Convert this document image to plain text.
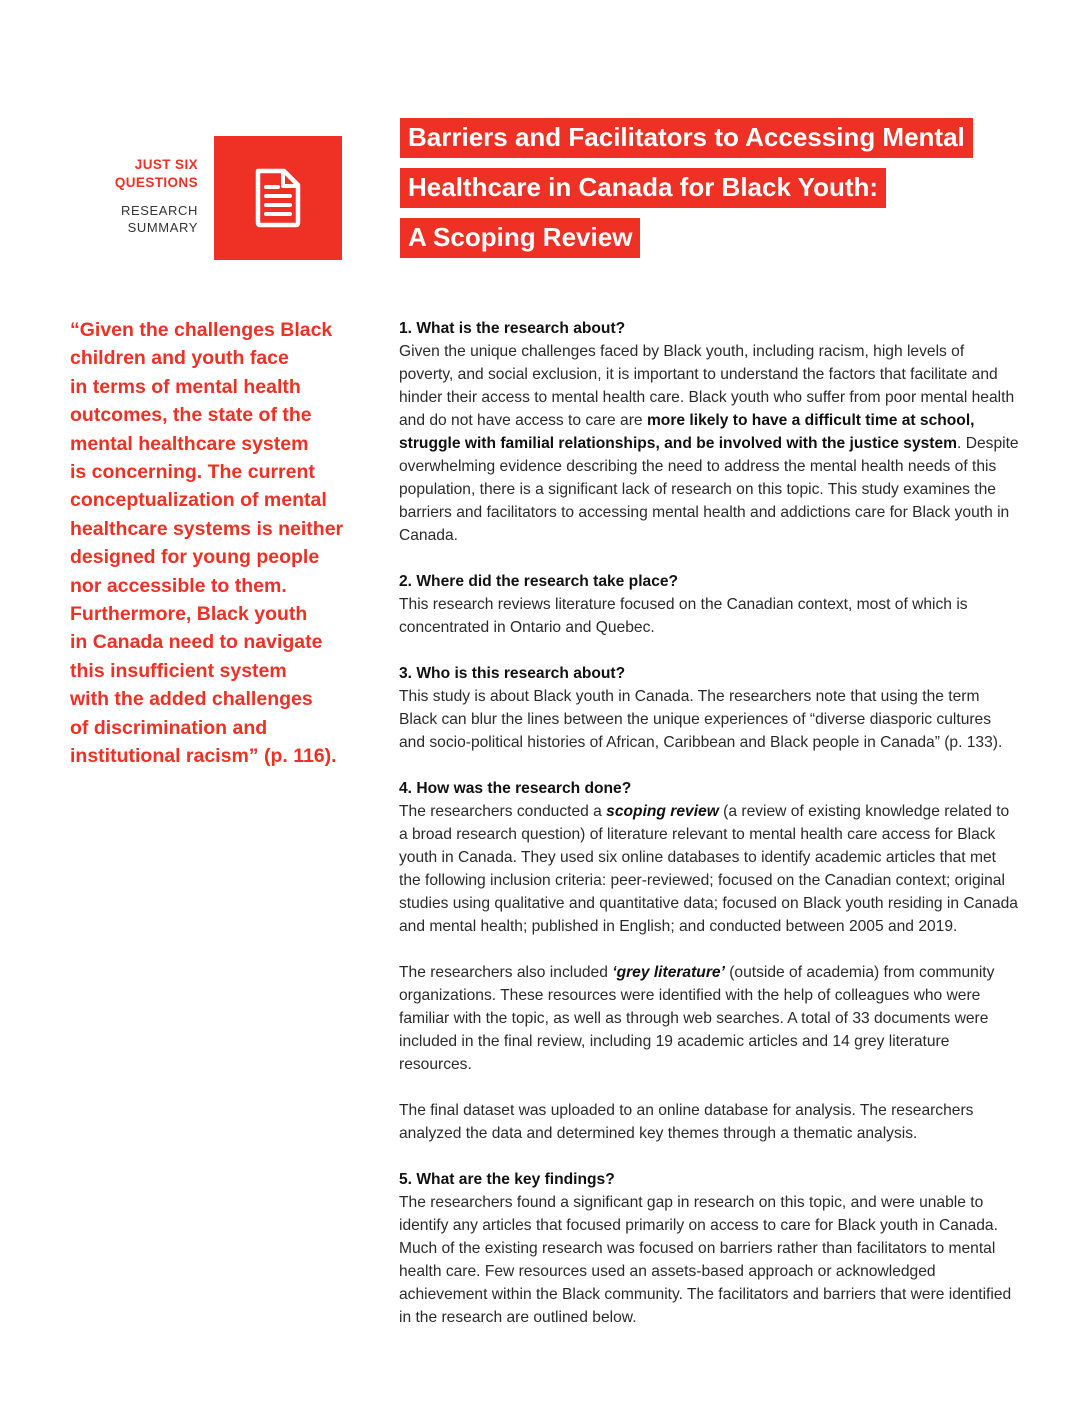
JUST SIX
QUESTIONS
RESEARCH
SUMMARY
Barriers and Facilitators to Accessing Mental
Healthcare in Canada for Black Youth:
A Scoping Review
“Given the challenges Black
children and youth face
in terms of mental health
outcomes, the state of the
mental healthcare system
is concerning. The current
conceptualization of mental
healthcare systems is neither
designed for young people
nor accessible to them.
Furthermore, Black youth
in Canada need to navigate
this insufficient system
with the added challenges
of discrimination and
institutional racism” (p. 116).
1. What is the research about?

Given the unique challenges faced by Black youth, including racism, high levels of poverty, and social exclusion, it is important to understand the factors that facilitate and hinder their access to mental health care. Black youth who suffer from poor mental health and do not have access to care are more likely to have a difficult time at school, struggle with familial relationships, and be involved with the justice system. Despite overwhelming evidence describing the need to address the mental health needs of this population, there is a significant lack of research on this topic. This study examines the barriers and facilitators to accessing mental health and addictions care for Black youth in Canada.

2. Where did the research take place?

This research reviews literature focused on the Canadian context, most of which is concentrated in Ontario and Quebec.

3. Who is this research about?

This study is about Black youth in Canada. The researchers note that using the term Black can blur the lines between the unique experiences of “diverse diasporic cultures and socio-political histories of African, Caribbean and Black people in Canada” (p. 133).

4. How was the research done?

The researchers conducted a scoping review (a review of existing knowledge related to a broad research question) of literature relevant to mental health care access for Black youth in Canada. They used six online databases to identify academic articles that met the following inclusion criteria: peer-reviewed; focused on the Canadian context; original studies using qualitative and quantitative data; focused on Black youth residing in Canada and mental health; published in English; and conducted between 2005 and 2019.

The researchers also included ‘grey literature’ (outside of academia) from community organizations. These resources were identified with the help of colleagues who were familiar with the topic, as well as through web searches. A total of 33 documents were included in the final review, including 19 academic articles and 14 grey literature resources.

The final dataset was uploaded to an online database for analysis. The researchers analyzed the data and determined key themes through a thematic analysis.

5. What are the key findings?

The researchers found a significant gap in research on this topic, and were unable to identify any articles that focused primarily on access to care for Black youth in Canada. Much of the existing research was focused on barriers rather than facilitators to mental health care. Few resources used an assets-based approach or acknowledged achievement within the Black community. The facilitators and barriers that were identified in the research are outlined below.
